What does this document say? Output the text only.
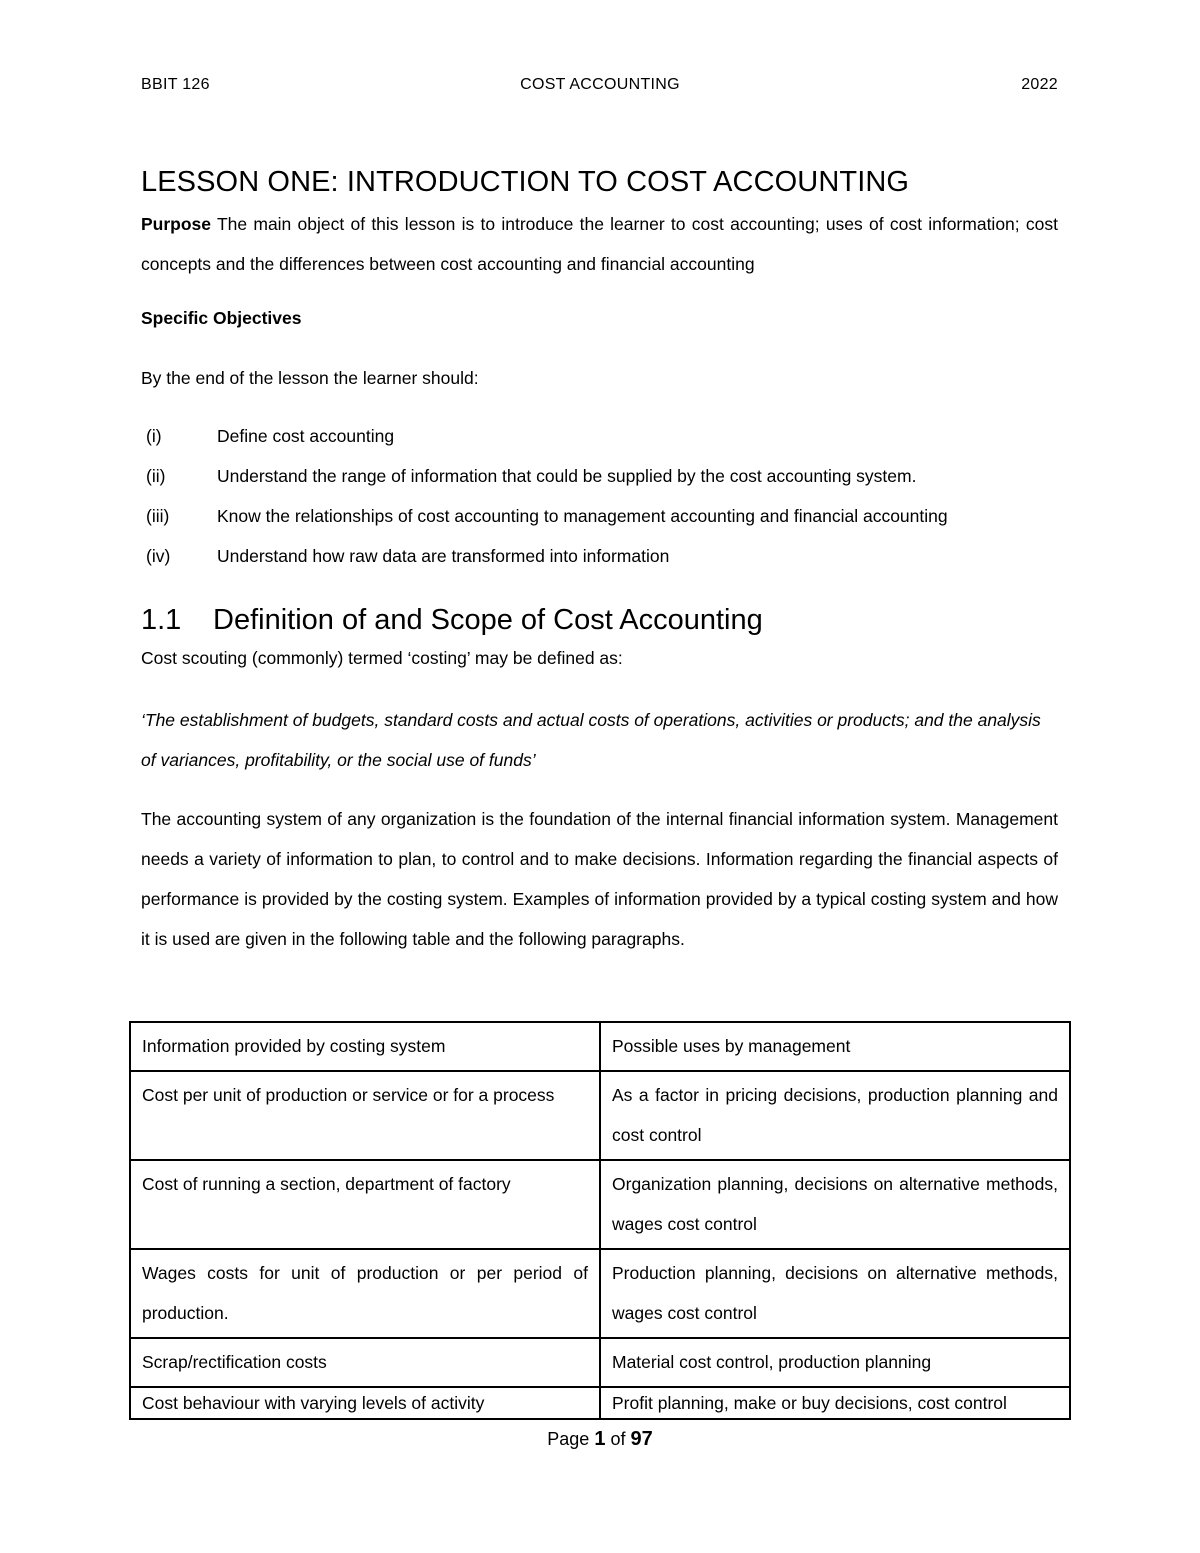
BBIT 126	COST ACCOUNTING	2022
LESSON ONE: INTRODUCTION TO COST ACCOUNTING
Purpose The main object of this lesson is to introduce the learner to cost accounting; uses of cost information; cost concepts and the differences between cost accounting and financial accounting
Specific Objectives
By the end of the lesson the learner should:
(i)	Define cost accounting
(ii)	Understand the range of information that could be supplied by the cost accounting system.
(iii)	Know the relationships of cost accounting to management accounting and financial accounting
(iv)	Understand how raw data are transformed into information
1.1 Definition of and Scope of Cost Accounting
Cost scouting (commonly) termed ‘costing’ may be defined as:
‘The establishment of budgets, standard costs and actual costs of operations, activities or products; and the analysis of variances, profitability, or the social use of funds’
The accounting system of any organization is the foundation of the internal financial information system. Management needs a variety of information to plan, to control and to make decisions. Information regarding the financial aspects of performance is provided by the costing system. Examples of information provided by a typical costing system and how it is used are given in the following table and the following paragraphs.
Information provided by costing system	Possible uses by management
Cost per unit of production or service or for a process	As a factor in pricing decisions, production planning and cost control
Cost of running a section, department of factory	Organization planning, decisions on alternative methods, wages cost control
Wages costs for unit of production or per period of production.	Production planning, decisions on alternative methods, wages cost control
Scrap/rectification costs	Material cost control, production planning
Cost behaviour with varying levels of activity	Profit planning, make or buy decisions, cost control
Page 1 of 97
